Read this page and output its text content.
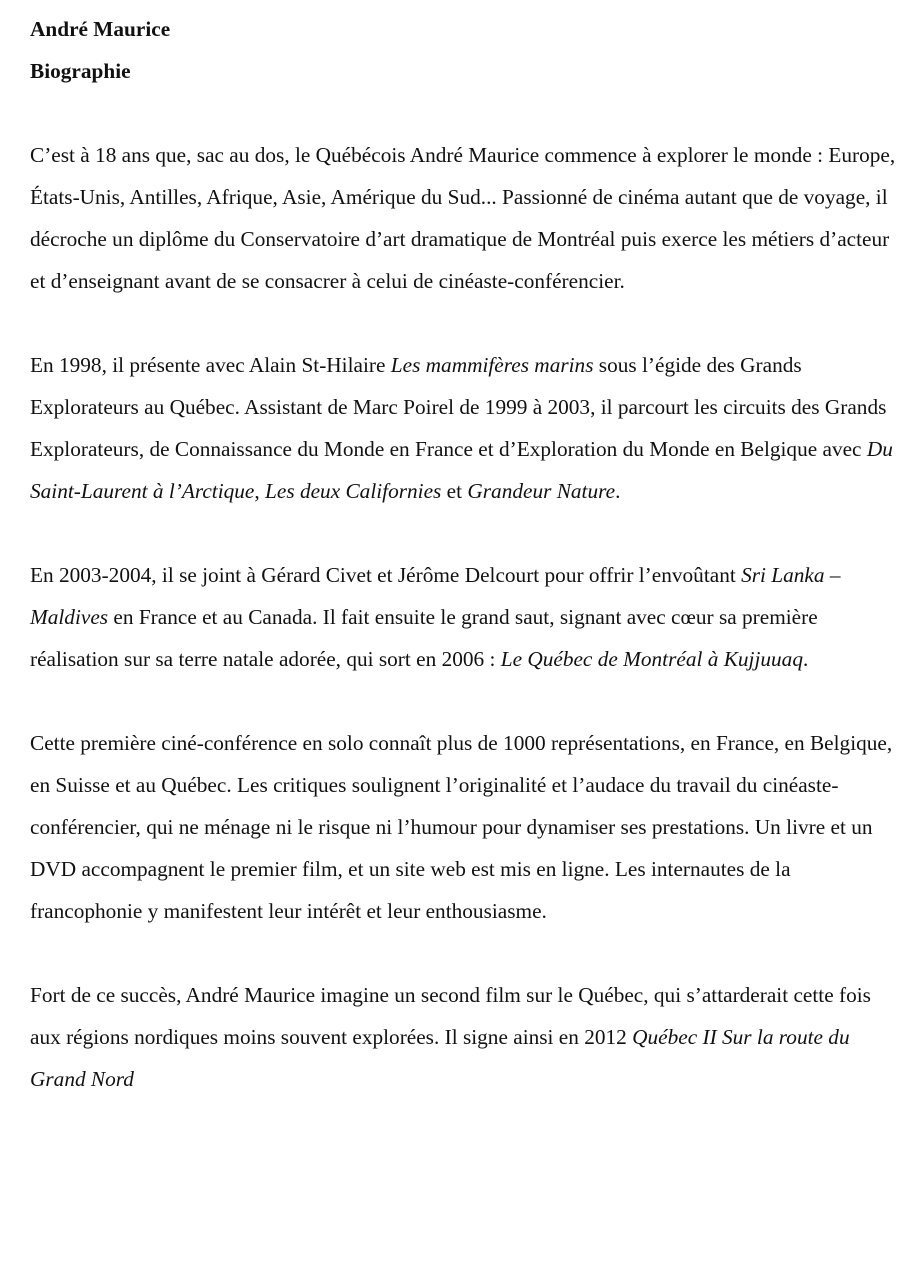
André Maurice

Biographie

C’est à 18 ans que, sac au dos, le Québécois André Maurice commence à explorer le monde : Europe, États-Unis, Antilles, Afrique, Asie, Amérique du Sud... Passionné de cinéma autant que de voyage, il décroche un diplôme du Conservatoire d’art dramatique de Montréal puis exerce les métiers d’acteur et d’enseignant avant de se consacrer à celui de cinéaste-conférencier.

En 1998, il présente avec Alain St-Hilaire Les mammifères marins sous l’égide des Grands Explorateurs au Québec. Assistant de Marc Poirel de 1999 à 2003, il parcourt les circuits des Grands Explorateurs, de Connaissance du Monde en France et d’Exploration du Monde en Belgique avec Du Saint-Laurent à l’Arctique, Les deux Californies et Grandeur Nature.

En 2003-2004, il se joint à Gérard Civet et Jérôme Delcourt pour offrir l’envoûtant Sri Lanka – Maldives en France et au Canada. Il fait ensuite le grand saut, signant avec cœur sa première réalisation sur sa terre natale adorée, qui sort en 2006 : Le Québec de Montréal à Kujjuuaq.

Cette première ciné-conférence en solo connaît plus de 1000 représentations, en France, en Belgique, en Suisse et au Québec. Les critiques soulignent l’originalité et l’audace du travail du cinéaste-conférencier, qui ne ménage ni le risque ni l’humour pour dynamiser ses prestations. Un livre et un DVD accompagnent le premier film, et un site web est mis en ligne. Les internautes de la francophonie y manifestent leur intérêt et leur enthousiasme.

Fort de ce succès, André Maurice imagine un second film sur le Québec, qui s’attarderait cette fois aux régions nordiques moins souvent explorées. Il signe ainsi en 2012 Québec II Sur la route du Grand Nord
